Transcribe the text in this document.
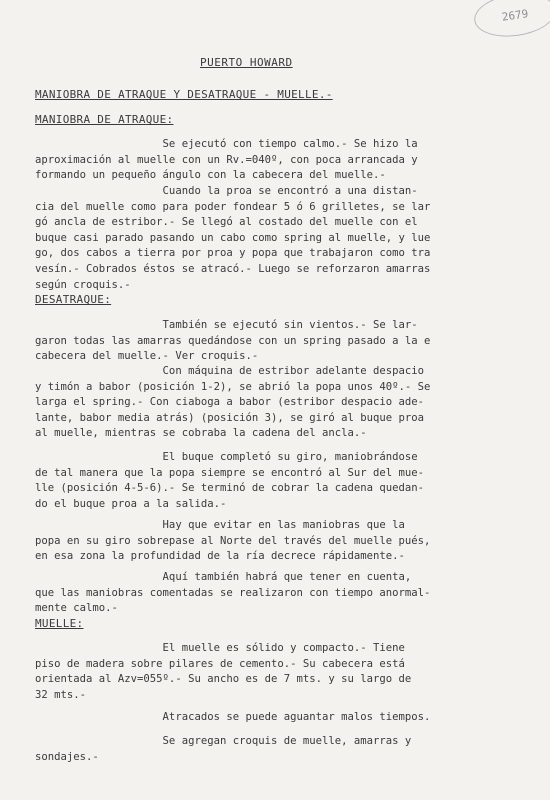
2679
PUERTO HOWARD
MANIOBRA DE ATRAQUE Y DESATRAQUE - MUELLE.-
MANIOBRA DE ATRAQUE:
Se ejecutó con tiempo calmo.- Se hizo la
aproximación al muelle con un Rv.=040º, con poca arrancada y
formando un pequeño ángulo con la cabecera del muelle.-
Cuando la proa se encontró a una distan-
cia del muelle como para poder fondear 5 ó 6 grilletes, se lar
gó ancla de estribor.- Se llegó al costado del muelle con el
buque casi parado pasando un cabo como spring al muelle, y lue
go, dos cabos a tierra por proa y popa que trabajaron como tra
vesín.- Cobrados éstos se atracó.- Luego se reforzaron amarras
según croquis.-
DESATRAQUE:
También se ejecutó sin vientos.- Se lar-
garon todas las amarras quedándose con un spring pasado a la e
cabecera del muelle.- Ver croquis.-
Con máquina de estribor adelante despacio
y timón a babor (posición 1-2), se abrió la popa unos 40º.- Se
larga el spring.- Con ciaboga a babor (estribor despacio ade-
lante, babor media atrás) (posición 3), se giró al buque proa
al muelle, mientras se cobraba la cadena del ancla.-
El buque completó su giro, maniobrándose
de tal manera que la popa siempre se encontró al Sur del mue-
lle (posición 4-5-6).- Se terminó de cobrar la cadena quedan-
do el buque proa a la salida.-
Hay que evitar en las maniobras que la
popa en su giro sobrepase al Norte del través del muelle pués,
en esa zona la profundidad de la ría decrece rápidamente.-
Aquí también habrá que tener en cuenta,
que las maniobras comentadas se realizaron con tiempo anormal-
mente calmo.-
MUELLE:
El muelle es sólido y compacto.- Tiene
piso de madera sobre pilares de cemento.- Su cabecera está
orientada al Azv=055º.- Su ancho es de 7 mts. y su largo de
32 mts.-
Atracados se puede aguantar malos tiempos.
Se agregan croquis de muelle, amarras y
sondajes.-
